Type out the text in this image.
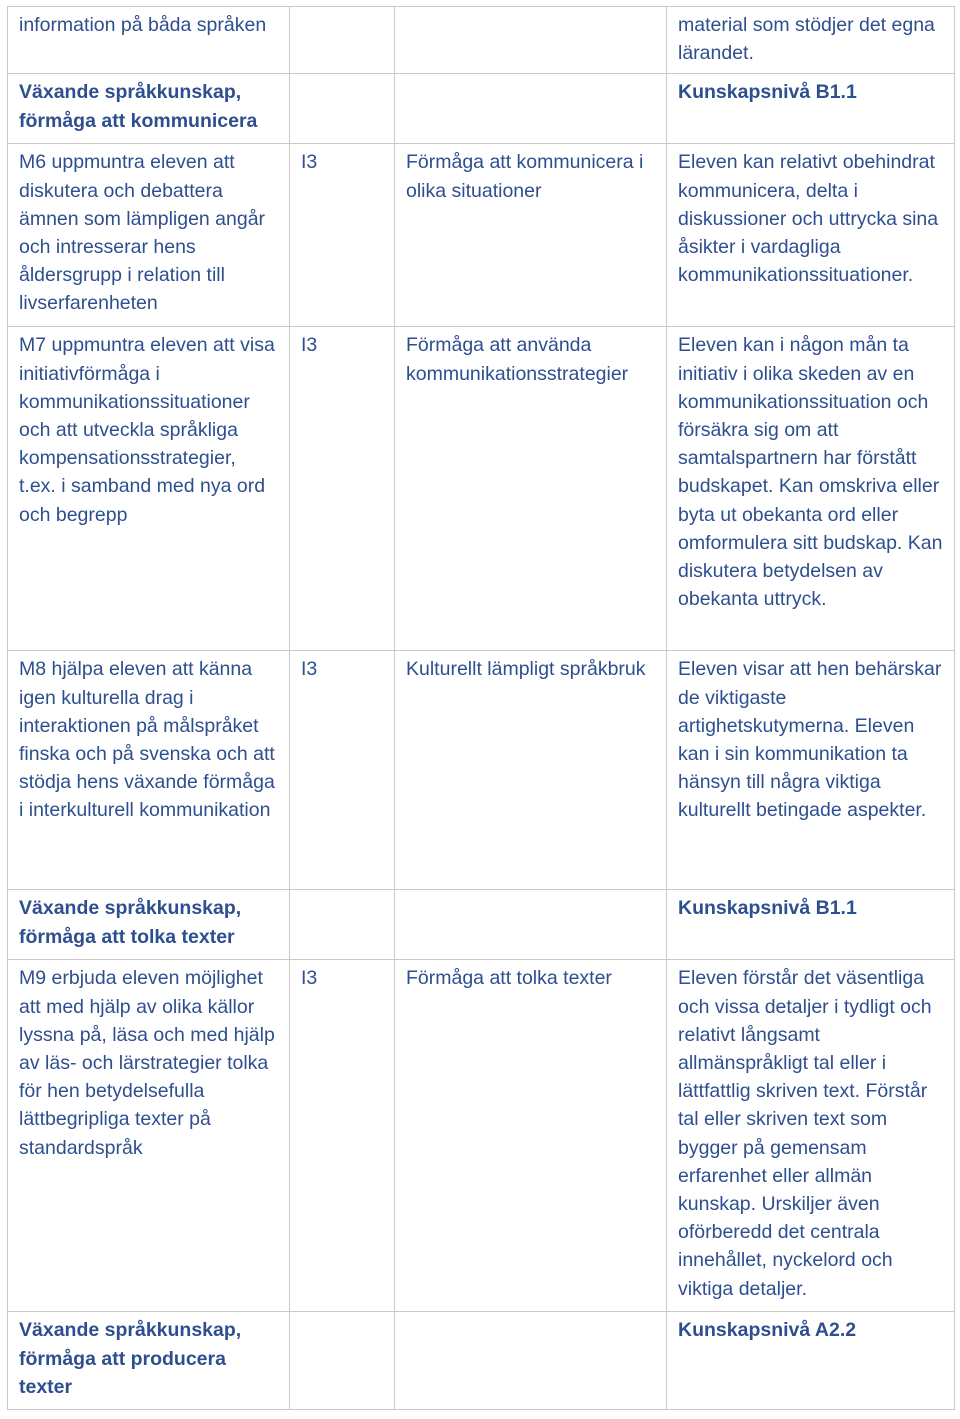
information på båda språken			material som stödjer det egna lärandet.
Växande språkkunskap, förmåga att kommunicera			Kunskapsnivå B1.1
M6 uppmuntra eleven att diskutera och debattera ämnen som lämpligen angår och intresserar hens åldersgrupp i relation till livserfarenheten	I3	Förmåga att kommunicera i olika situationer	Eleven kan relativt obehindrat kommunicera, delta i diskussioner och uttrycka sina åsikter i vardagliga kommunikationssituationer.
M7 uppmuntra eleven att visa initiativförmåga i kommunikationssituationer och att utveckla språkliga kompensationsstrategier, t.ex. i samband med nya ord och begrepp	I3	Förmåga att använda kommunikationsstrategier	Eleven kan i någon mån ta initiativ i olika skeden av en kommunikationssituation och försäkra sig om att samtalspartnern har förstått budskapet. Kan omskriva eller byta ut obekanta ord eller omformulera sitt budskap. Kan diskutera betydelsen av obekanta uttryck.
M8 hjälpa eleven att känna igen kulturella drag i interaktionen på målspråket finska och på svenska och att stödja hens växande förmåga i interkulturell kommunikation	I3	Kulturellt lämpligt språkbruk	Eleven visar att hen behärskar de viktigaste artighetskutymerna. Eleven kan i sin kommunikation ta hänsyn till några viktiga kulturellt betingade aspekter.
Växande språkkunskap, förmåga att tolka texter			Kunskapsnivå B1.1
M9 erbjuda eleven möjlighet att med hjälp av olika källor lyssna på, läsa och med hjälp av läs- och lärstrategier tolka för hen betydelsefulla lättbegripliga texter på standardspråk	I3	Förmåga att tolka texter	Eleven förstår det väsentliga och vissa detaljer i tydligt och relativt långsamt allmänspråkligt tal eller i lättfattlig skriven text. Förstår tal eller skriven text som bygger på gemensam erfarenhet eller allmän kunskap. Urskiljer även oförberedd det centrala innehållet, nyckelord och viktiga detaljer.
Växande språkkunskap, förmåga att producera texter			Kunskapsnivå A2.2
